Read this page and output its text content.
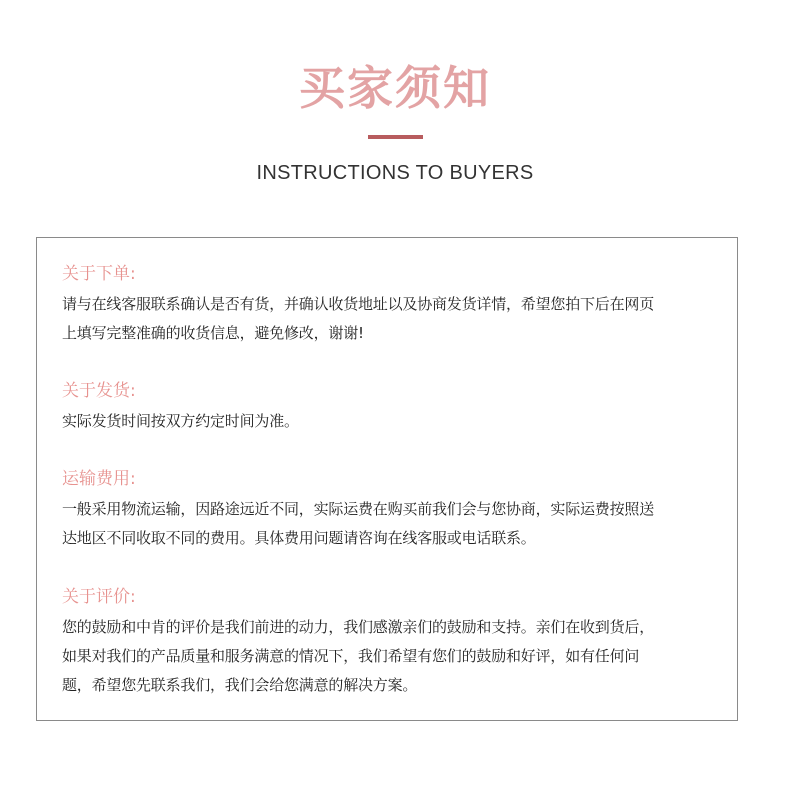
买家须知
INSTRUCTIONS TO BUYERS
关于下单:
请与在线客服联系确认是否有货，并确认收货地址以及协商发货详情，希望您拍下后在网页
上填写完整准确的收货信息，避免修改，谢谢!
关于发货:
实际发货时间按双方约定时间为准。
运输费用:
一般采用物流运输，因路途远近不同，实际运费在购买前我们会与您协商，实际运费按照送
达地区不同收取不同的费用。具体费用问题请咨询在线客服或电话联系。
关于评价:
您的鼓励和中肯的评价是我们前进的动力，我们感激亲们的鼓励和支持。亲们在收到货后，
如果对我们的产品质量和服务满意的情况下，我们希望有您们的鼓励和好评，如有任何问
题，希望您先联系我们，我们会给您满意的解决方案。
